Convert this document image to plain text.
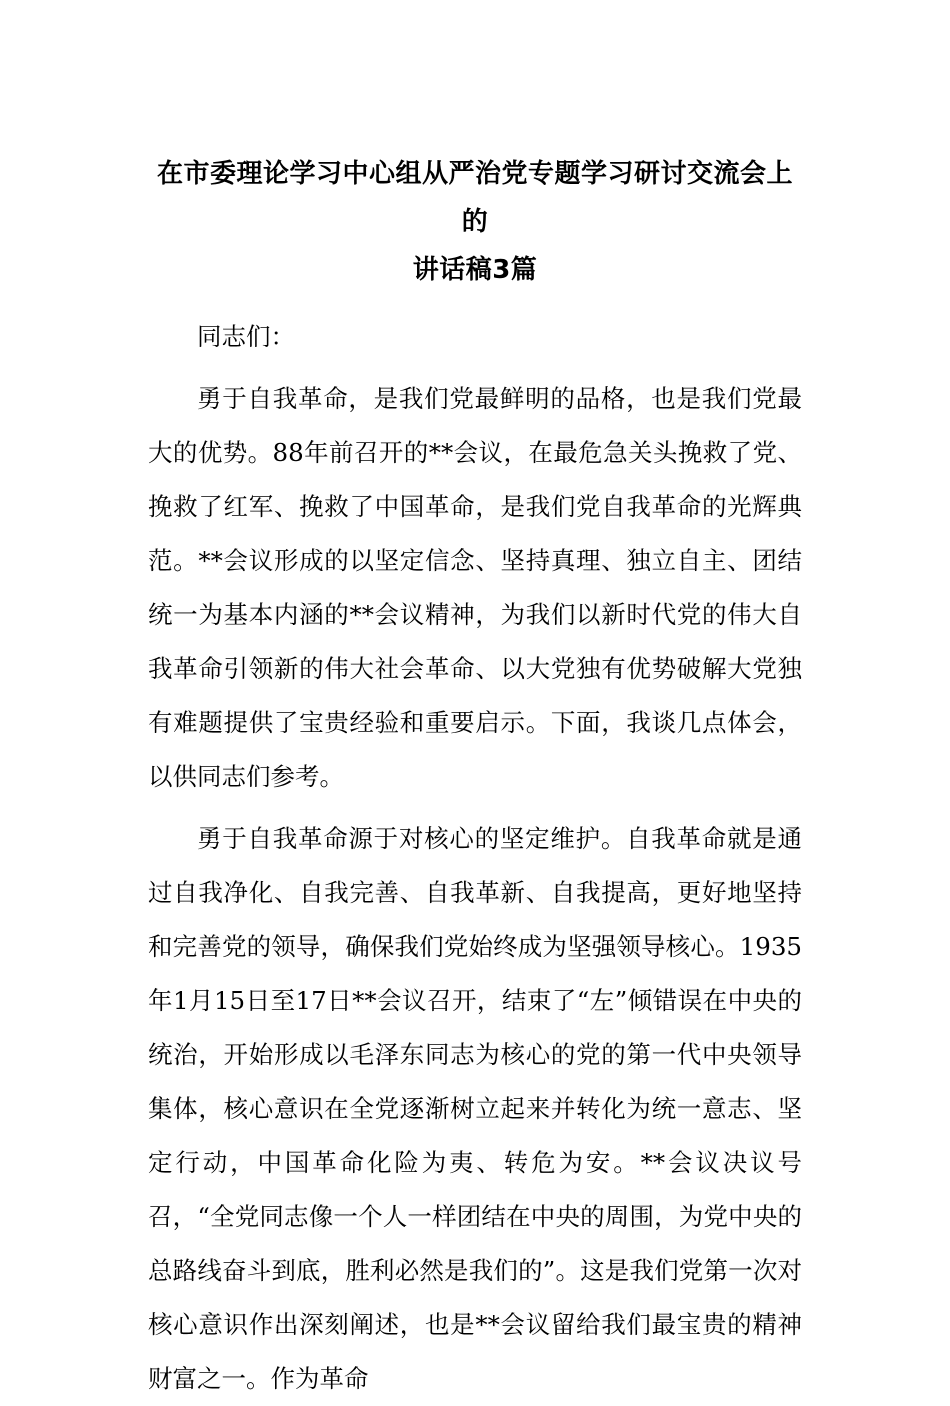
在市委理论学习中心组从严治党专题学习研讨交流会上的
讲话稿3篇

同志们：

勇于自我革命，是我们党最鲜明的品格，也是我们党最大的优势。88年前召开的**会议，在最危急关头挽救了党、挽救了红军、挽救了中国革命，是我们党自我革命的光辉典范。**会议形成的以坚定信念、坚持真理、独立自主、团结统一为基本内涵的**会议精神，为我们以新时代党的伟大自我革命引领新的伟大社会革命、以大党独有优势破解大党独有难题提供了宝贵经验和重要启示。下面，我谈几点体会，以供同志们参考。

勇于自我革命源于对核心的坚定维护。自我革命就是通过自我净化、自我完善、自我革新、自我提高，更好地坚持和完善党的领导，确保我们党始终成为坚强领导核心。1935年1月15日至17日**会议召开，结束了“左”倾错误在中央的统治，开始形成以毛泽东同志为核心的党的第一代中央领导集体，核心意识在全党逐渐树立起来并转化为统一意志、坚定行动，中国革命化险为夷、转危为安。**会议决议号召，“全党同志像一个人一样团结在中央的周围，为党中央的总路线奋斗到底，胜利必然是我们的”。这是我们党第一次对核心意识作出深刻阐述，也是**会议留给我们最宝贵的精神财富之一。作为革命
